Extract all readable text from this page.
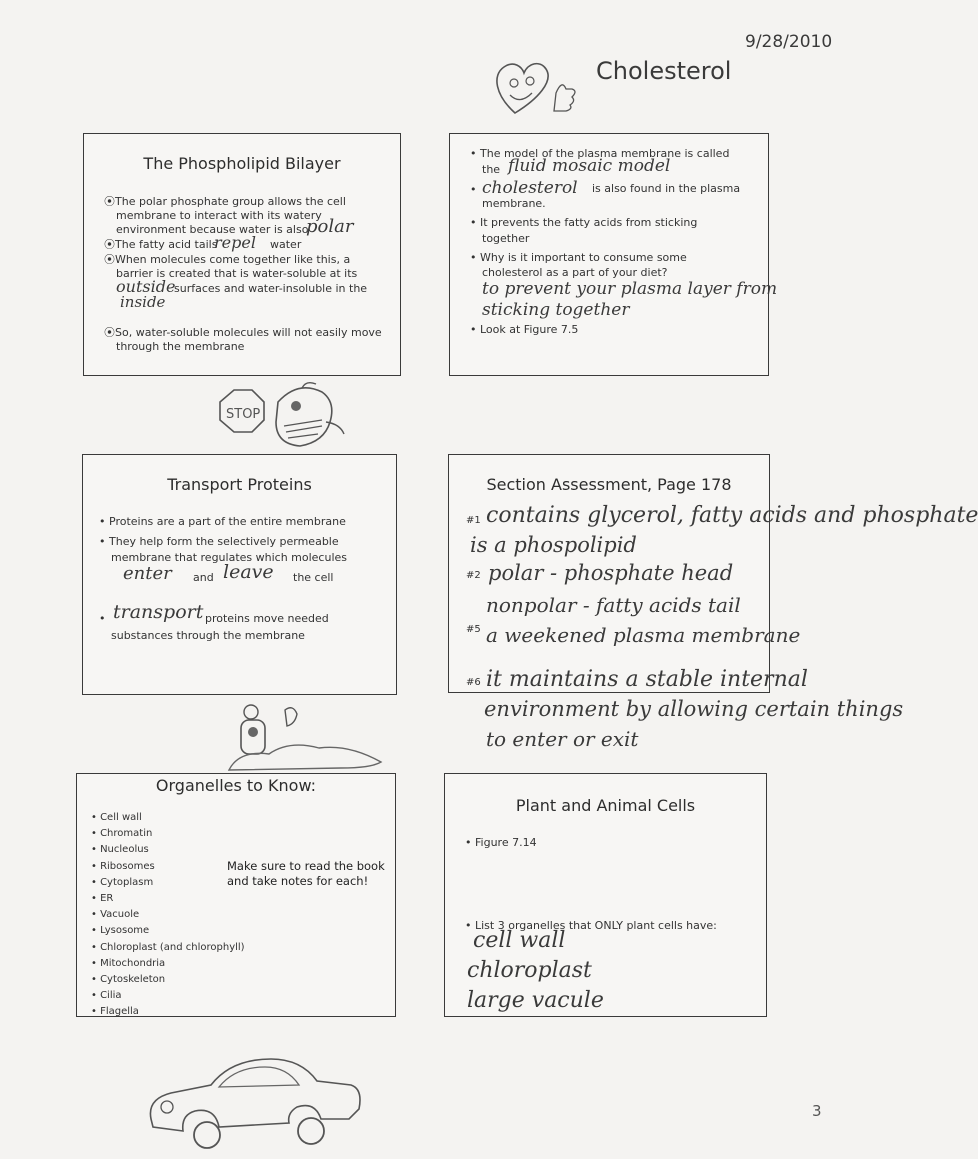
9/28/2010
Cholesterol
The Phospholipid Bilayer
⦿The polar phosphate group allows the cell
membrane to interact with its watery
environment because water is also
polar
⦿The fatty acid tails
repel water
⦿When molecules come together like this, a
barrier is created that is water-soluble at its
outside
surfaces and water-insoluble in the
inside
⦿So, water-soluble molecules will not easily move
through the membrane
• The model of the plasma membrane is called
the fluid mosaic model
cholesterol
•	is also found in the plasma
membrane.
• It prevents the fatty acids from sticking
together
• Why is it important to consume some
cholesterol as a part of your diet?
to prevent your plasma layer from
sticking together
• Look at Figure 7.5
STOP
Transport Proteins
• Proteins are a part of the entire membrane
• They help form the selectively permeable
membrane that regulates which molecules
enter and leave the cell
• transport proteins move needed
substances through the membrane
Section Assessment, Page 178
#1 contains glycerol, fatty acids and phosphate
is a phospolipid
#2 polar - phosphate head
nonpolar - fatty acids tail
#5 a weekened plasma membrane
#6 it maintains a stable internal
environment by allowing certain things
to enter or exit
Organelles to Know:
• Cell wall
• Chromatin
• Nucleolus
• Ribosomes
• Cytoplasm
• ER
• Vacuole
• Lysosome
• Chloroplast (and chlorophyll)
• Mitochondria
• Cytoskeleton
• Cilia
• Flagella
Make sure to read the book
and take notes for each!
Plant and Animal Cells
• Figure 7.14
• List 3 organelles that ONLY plant cells have:
cell wall
chloroplast
large vacule
3
